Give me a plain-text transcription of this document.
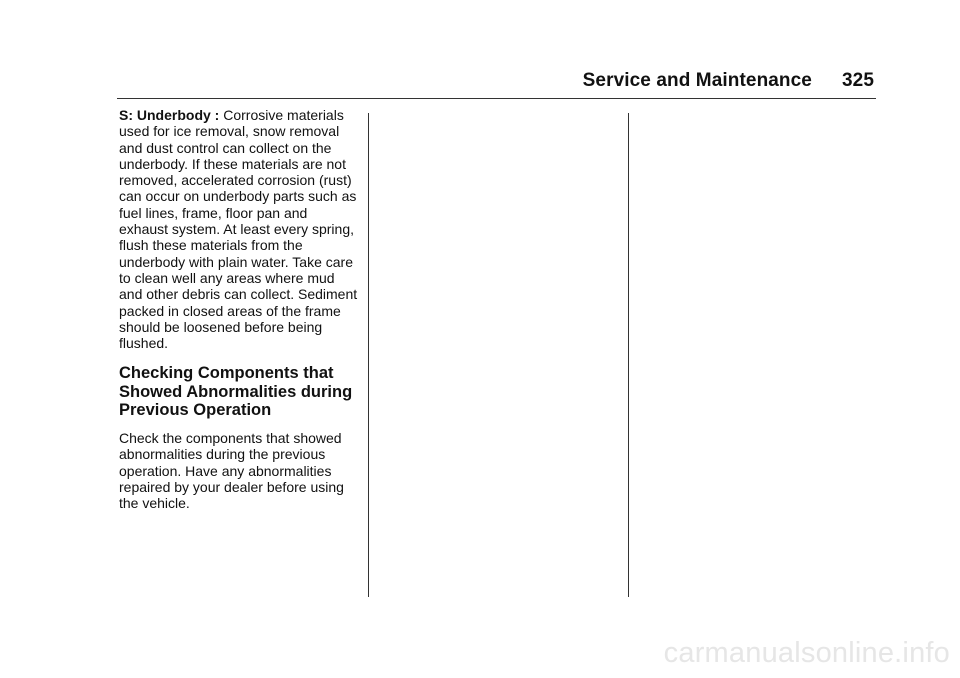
Service and Maintenance 325

S: Underbody : Corrosive materials used for ice removal, snow removal and dust control can collect on the underbody. If these materials are not removed, accelerated corrosion (rust) can occur on underbody parts such as fuel lines, frame, floor pan and exhaust system. At least every spring, flush these materials from the underbody with plain water. Take care to clean well any areas where mud and other debris can collect. Sediment packed in closed areas of the frame should be loosened before being flushed.

Checking Components that Showed Abnormalities during Previous Operation

Check the components that showed abnormalities during the previous operation. Have any abnormalities repaired by your dealer before using the vehicle.

carmanualsonline.info
